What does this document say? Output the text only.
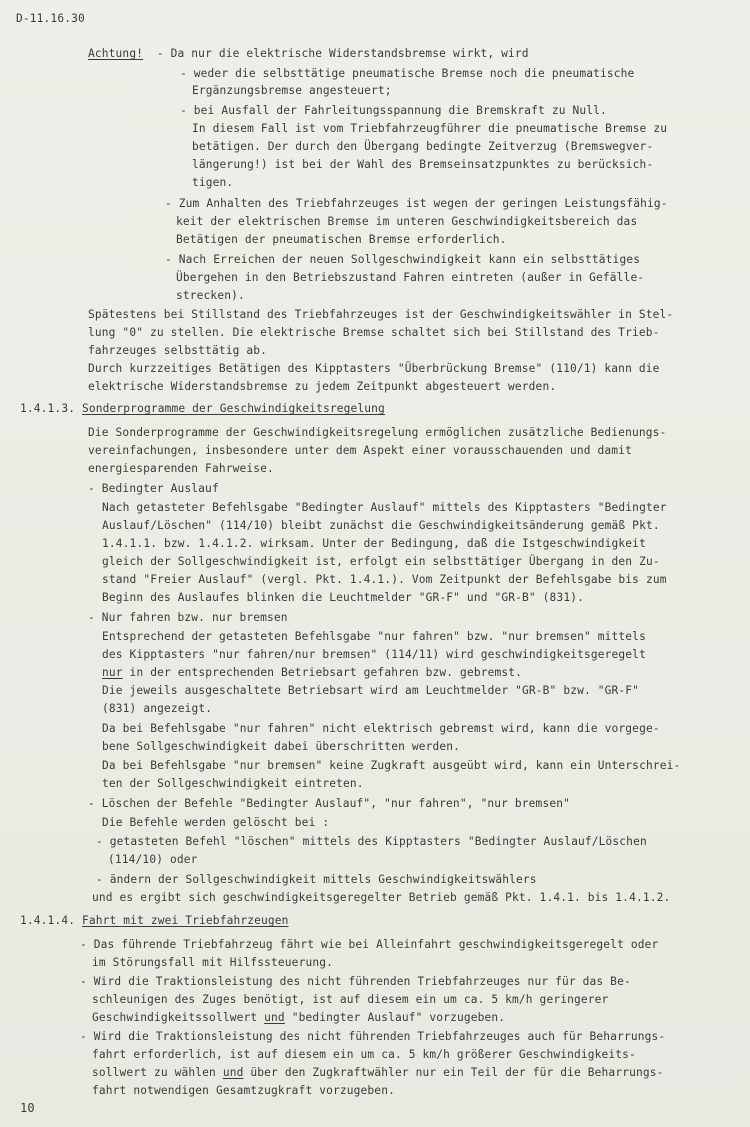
D-11.16.30
Achtung!  - Da nur die elektrische Widerstandsbremse wirkt, wird
- weder die selbsttätige pneumatische Bremse noch die pneumatische
Ergänzungsbremse angesteuert;
- bei Ausfall der Fahrleitungsspannung die Bremskraft zu Null.
In diesem Fall ist vom Triebfahrzeugführer die pneumatische Bremse zu
betätigen. Der durch den Übergang bedingte Zeitverzug (Bremswegver-
längerung!) ist bei der Wahl des Bremseinsatzpunktes zu berücksich-
tigen.
- Zum Anhalten des Triebfahrzeuges ist wegen der geringen Leistungsfähig-
keit der elektrischen Bremse im unteren Geschwindigkeitsbereich das
Betätigen der pneumatischen Bremse erforderlich.
- Nach Erreichen der neuen Sollgeschwindigkeit kann ein selbsttätiges
Übergehen in den Betriebszustand Fahren eintreten (außer in Gefälle-
strecken).
Spätestens bei Stillstand des Triebfahrzeuges ist der Geschwindigkeitswähler in Stel-
lung "0" zu stellen. Die elektrische Bremse schaltet sich bei Stillstand des Trieb-
fahrzeuges selbsttätig ab.
Durch kurzzeitiges Betätigen des Kipptasters "Überbrückung Bremse" (110/1) kann die
elektrische Widerstandsbremse zu jedem Zeitpunkt abgesteuert werden.
1.4.1.3. Sonderprogramme der Geschwindigkeitsregelung
Die Sonderprogramme der Geschwindigkeitsregelung ermöglichen zusätzliche Bedienungs-
vereinfachungen, insbesondere unter dem Aspekt einer vorausschauenden und damit
energiesparenden Fahrweise.
- Bedingter Auslauf
Nach getasteter Befehlsgabe "Bedingter Auslauf" mittels des Kipptasters "Bedingter
Auslauf/Löschen" (114/10) bleibt zunächst die Geschwindigkeitsänderung gemäß Pkt.
1.4.1.1. bzw. 1.4.1.2. wirksam. Unter der Bedingung, daß die Istgeschwindigkeit
gleich der Sollgeschwindigkeit ist, erfolgt ein selbsttätiger Übergang in den Zu-
stand "Freier Auslauf" (vergl. Pkt. 1.4.1.). Vom Zeitpunkt der Befehlsgabe bis zum
Beginn des Auslaufes blinken die Leuchtmelder "GR-F" und "GR-B" (831).
- Nur fahren bzw. nur bremsen
Entsprechend der getasteten Befehlsgabe "nur fahren" bzw. "nur bremsen" mittels
des Kipptasters "nur fahren/nur bremsen" (114/11) wird geschwindigkeitsgeregelt
nur in der entsprechenden Betriebsart gefahren bzw. gebremst.
Die jeweils ausgeschaltete Betriebsart wird am Leuchtmelder "GR-B" bzw. "GR-F"
(831) angezeigt.
Da bei Befehlsgabe "nur fahren" nicht elektrisch gebremst wird, kann die vorgege-
bene Sollgeschwindigkeit dabei überschritten werden.
Da bei Befehlsgabe "nur bremsen" keine Zugkraft ausgeübt wird, kann ein Unterschrei-
ten der Sollgeschwindigkeit eintreten.
- Löschen der Befehle "Bedingter Auslauf", "nur fahren", "nur bremsen"
Die Befehle werden gelöscht bei :
- getasteten Befehl "löschen" mittels des Kipptasters "Bedingter Auslauf/Löschen
(114/10) oder
- ändern der Sollgeschwindigkeit mittels Geschwindigkeitswählers
und es ergibt sich geschwindigkeitsgeregelter Betrieb gemäß Pkt. 1.4.1. bis 1.4.1.2.
1.4.1.4. Fahrt mit zwei Triebfahrzeugen
- Das führende Triebfahrzeug fährt wie bei Alleinfahrt geschwindigkeitsgeregelt oder
im Störungsfall mit Hilfssteuerung.
- Wird die Traktionsleistung des nicht führenden Triebfahrzeuges nur für das Be-
schleunigen des Zuges benötigt, ist auf diesem ein um ca. 5 km/h geringerer
Geschwindigkeitssollwert und "bedingter Auslauf" vorzugeben.
- Wird die Traktionsleistung des nicht führenden Triebfahrzeuges auch für Beharrungs-
fahrt erforderlich, ist auf diesem ein um ca. 5 km/h größerer Geschwindigkeits-
sollwert zu wählen und über den Zugkraftwähler nur ein Teil der für die Beharrungs-
fahrt notwendigen Gesamtzugkraft vorzugeben.
10
